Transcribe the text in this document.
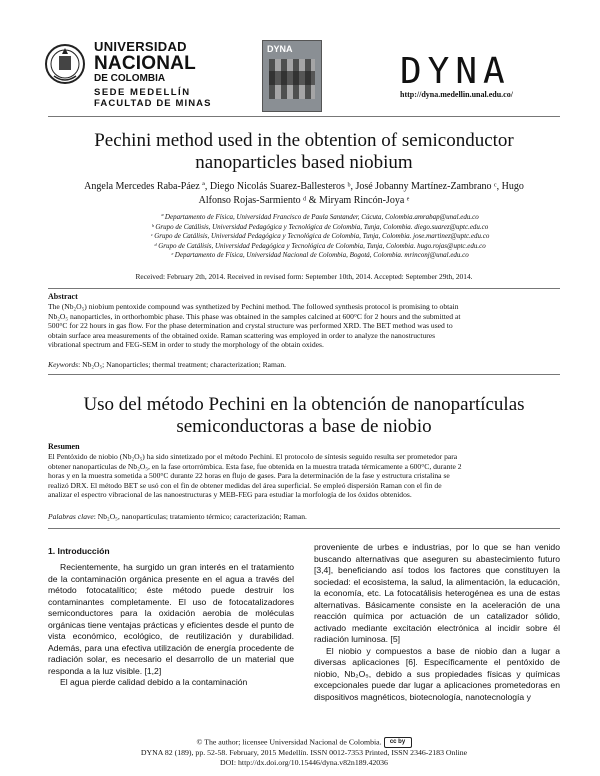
UNIVERSIDAD
NACIONAL
DE COLOMBIA
SEDE MEDELLÍN
FACULTAD DE MINAS
DYNA
DYNA
http://dyna.medellin.unal.edu.co/
Pechini method used in the obtention of semiconductor
nanoparticles based niobium
Angela Mercedes Raba-Páez ª, Diego Nicolás Suarez-Ballesteros ᵇ, José Jobanny Martínez-Zambrano ᶜ, Hugo
Alfonso Rojas-Sarmiento ᵈ & Miryam Rincón-Joya ᵉ
ª Departamento de Física, Universidad Francisco de Paula Santander, Cúcuta, Colombia.amrabap@unal.edu.co
ᵇ Grupo de Catálisis, Universidad Pedagógica y Tecnológica de Colombia, Tunja, Colombia. diego.suarez@uptc.edu.co
ᶜ Grupo de Catálisis, Universidad Pedagógica y Tecnológica de Colombia, Tunja, Colombia. jose.martinez@uptc.edu.co
ᵈ Grupo de Catálisis, Universidad Pedagógica y Tecnológica de Colombia, Tunja, Colombia. hugo.rojas@uptc.edu.co
ᵉ Departamento de Física, Universidad Nacional de Colombia, Bogotá, Colombia. mrinconj@unal.edu.co
Received: February 2th, 2014. Received in revised form: September 10th, 2014. Accepted: September 29th, 2014.
Abstract
The (Nb₂O₅) niobium pentoxide compound was synthetized by Pechini method. The followed synthesis protocol is promising to obtain
Nb₂O₅ nanoparticles, in orthorhombic phase. This phase was obtained in the samples calcined at 600°C for 2 hours and the submitted at
500°C for 22 hours in gas flow. For the phase determination and crystal structure was performed XRD. The BET method was used to
obtain surface area measurements of the obtained oxide. Raman scattering was employed in order to analyze the nanostructures
vibrational spectrum and FEG-SEM in order to study the morphology of the obtain oxides.
Keywords: Nb₂O₅; Nanoparticles; thermal treatment; characterization; Raman.
Uso del método Pechini en la obtención de nanopartículas
semiconductoras a base de niobio
Resumen
El Pentóxido de niobio (Nb₂O₅) ha sido sintetizado por el método Pechini. El protocolo de síntesis seguido resulta ser prometedor para
obtener nanopartículas de Nb₂O₅, en la fase ortorrómbica. Esta fase, fue obtenida en la muestra tratada térmicamente a 600°C, durante 2
horas y en la muestra sometida a 500°C durante 22 horas en flujo de gases. Para la determinación de la fase y estructura cristalina se
realizó DRX. El método BET se usó con el fin de obtener medidas del área superficial. Se empleó dispersión Raman con el fin de
analizar el espectro vibracional de las nanoestructuras y MEB-FEG para estudiar la morfología de los óxidos obtenidos.
Palabras clave: Nb₂O₅, nanopartículas; tratamiento térmico; caracterización; Raman.
1. Introducción

Recientemente, ha surgido un gran interés en el tratamiento de la contaminación orgánica presente en el agua a través del método fotocatalítico; éste método puede destruir los contaminantes completamente. El uso de fotocatalizadores semiconductores para la oxidación aerobia de moléculas orgánicas tiene ventajas prácticas y eficientes desde el punto de vista económico, ecológico, de reutilización y durabilidad. Además, para una efectiva utilización de energía procedente de radiación solar, es necesario el desarrollo de un material que responda a la luz visible. [1,2]

El agua pierde calidad debido a la contaminación

proveniente de urbes e industrias, por lo que se han venido buscando alternativas que aseguren su abastecimiento futuro [3,4], beneficiando así todos los factores que constituyen la sociedad: el ecosistema, la salud, la alimentación, la educación, la economía, etc. La fotocatálisis heterogénea es una de estas alternativas. Básicamente consiste en la aceleración de una reacción química por actuación de un catalizador sólido, activado mediante excitación electrónica al incidir sobre él radiación luminosa. [5]

El niobio y compuestos a base de niobio dan a lugar a diversas aplicaciones [6]. Específicamente el pentóxido de niobio, Nb₂O₅, debido a sus propiedades físicas y químicas excepcionales puede dar lugar a aplicaciones prometedoras en dispositivos magnéticos, biotecnología, nanotecnología y

© The author; licensee Universidad Nacional de Colombia. cc by
DYNA 82 (189), pp. 52-58. February, 2015 Medellín. ISSN 0012-7353 Printed, ISSN 2346-2183 Online
DOI: http://dx.doi.org/10.15446/dyna.v82n189.42036
